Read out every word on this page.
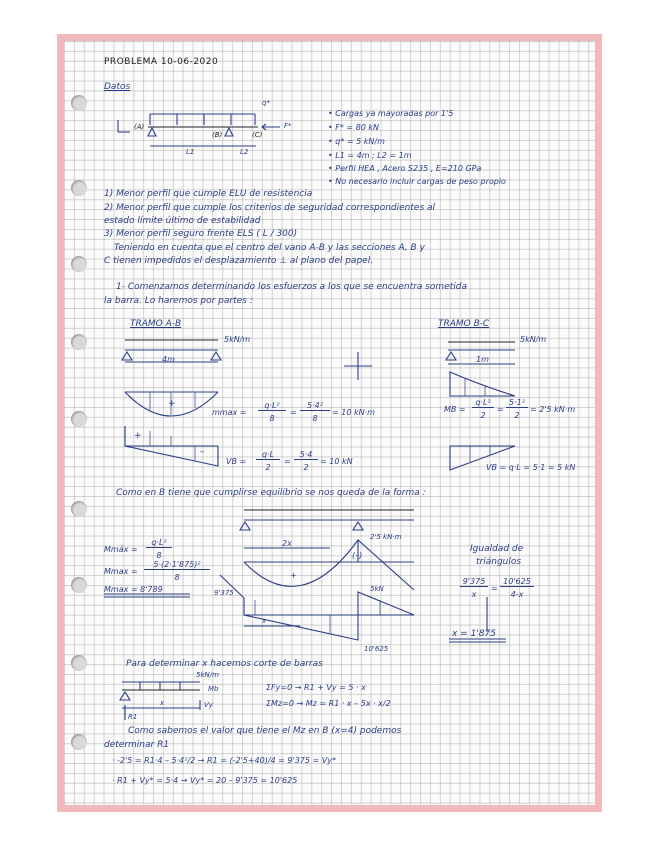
PROBLEMA 10-06-2020
Datos
q*
F*
(A)
(B)	(C)
L1	L2
• Cargas ya mayoradas por 1'5
• F* = 80 kN
• q* = 5 kN/m
• L1 = 4m ; L2 = 1m
• Perfil HEA , Acero S235 , E=210 GPa
• No necesario incluir cargas de peso propio
1) Menor perfil que cumple ELU de resistencia
2) Menor perfil que cumple los criterios de seguridad correspondientes al
estado límite último de estabilidad
3) Menor perfil seguro frente ELS ( L / 300)
Teniendo en cuenta que el centro del vano A-B y las secciones A, B y
C tienen impedidos el desplazamiento ⊥ al plano del papel.
1- Comenzamos determinando los esfuerzos a los que se encuentra sometida
la barra. Lo haremos por partes :
TRAMO A-B
5kN/m
4m
+
+
–
mmax =
q·L²
8
=
5·4²
8
= 10 kN·m
VB =
q·L
2
=
5·4
2
= 10 kN
TRAMO B-C
5kN/m
1m
MB =
q·L²
2
=
5·1²
2
= 2'5 kN·m
VB = q·L = 5·1 = 5 kN
Como en B tiene que cumplirse equilibrio se nos queda de la forma :
Mmáx =
q·L²
8
Mmax =
5·(2·1'875)²
8
Mmax = 8'789
2x
2'5 kN·m
+
(–)
9'375	5kN
10'625
x
Igualdad de
triángulos
9'375
x
=
10'625
4-x
x = 1'875
Para determinar x hacemos corte de barras
5kN/m
Mb
Vy
R1
x
ΣFy=0 → R1 + Vy = 5 · x
ΣMz=0 → Mz = R1 · x – 5x · x/2
Como sabemos el valor que tiene el Mz en B (x=4) podemos
determinar R1
· -2'5 = R1·4 – 5·4²/2 → R1 = (-2'5+40)/4 = 9'375 = Vy*
· R1 + Vy* = 5·4 → Vy* = 20 – 9'375 = 10'625
